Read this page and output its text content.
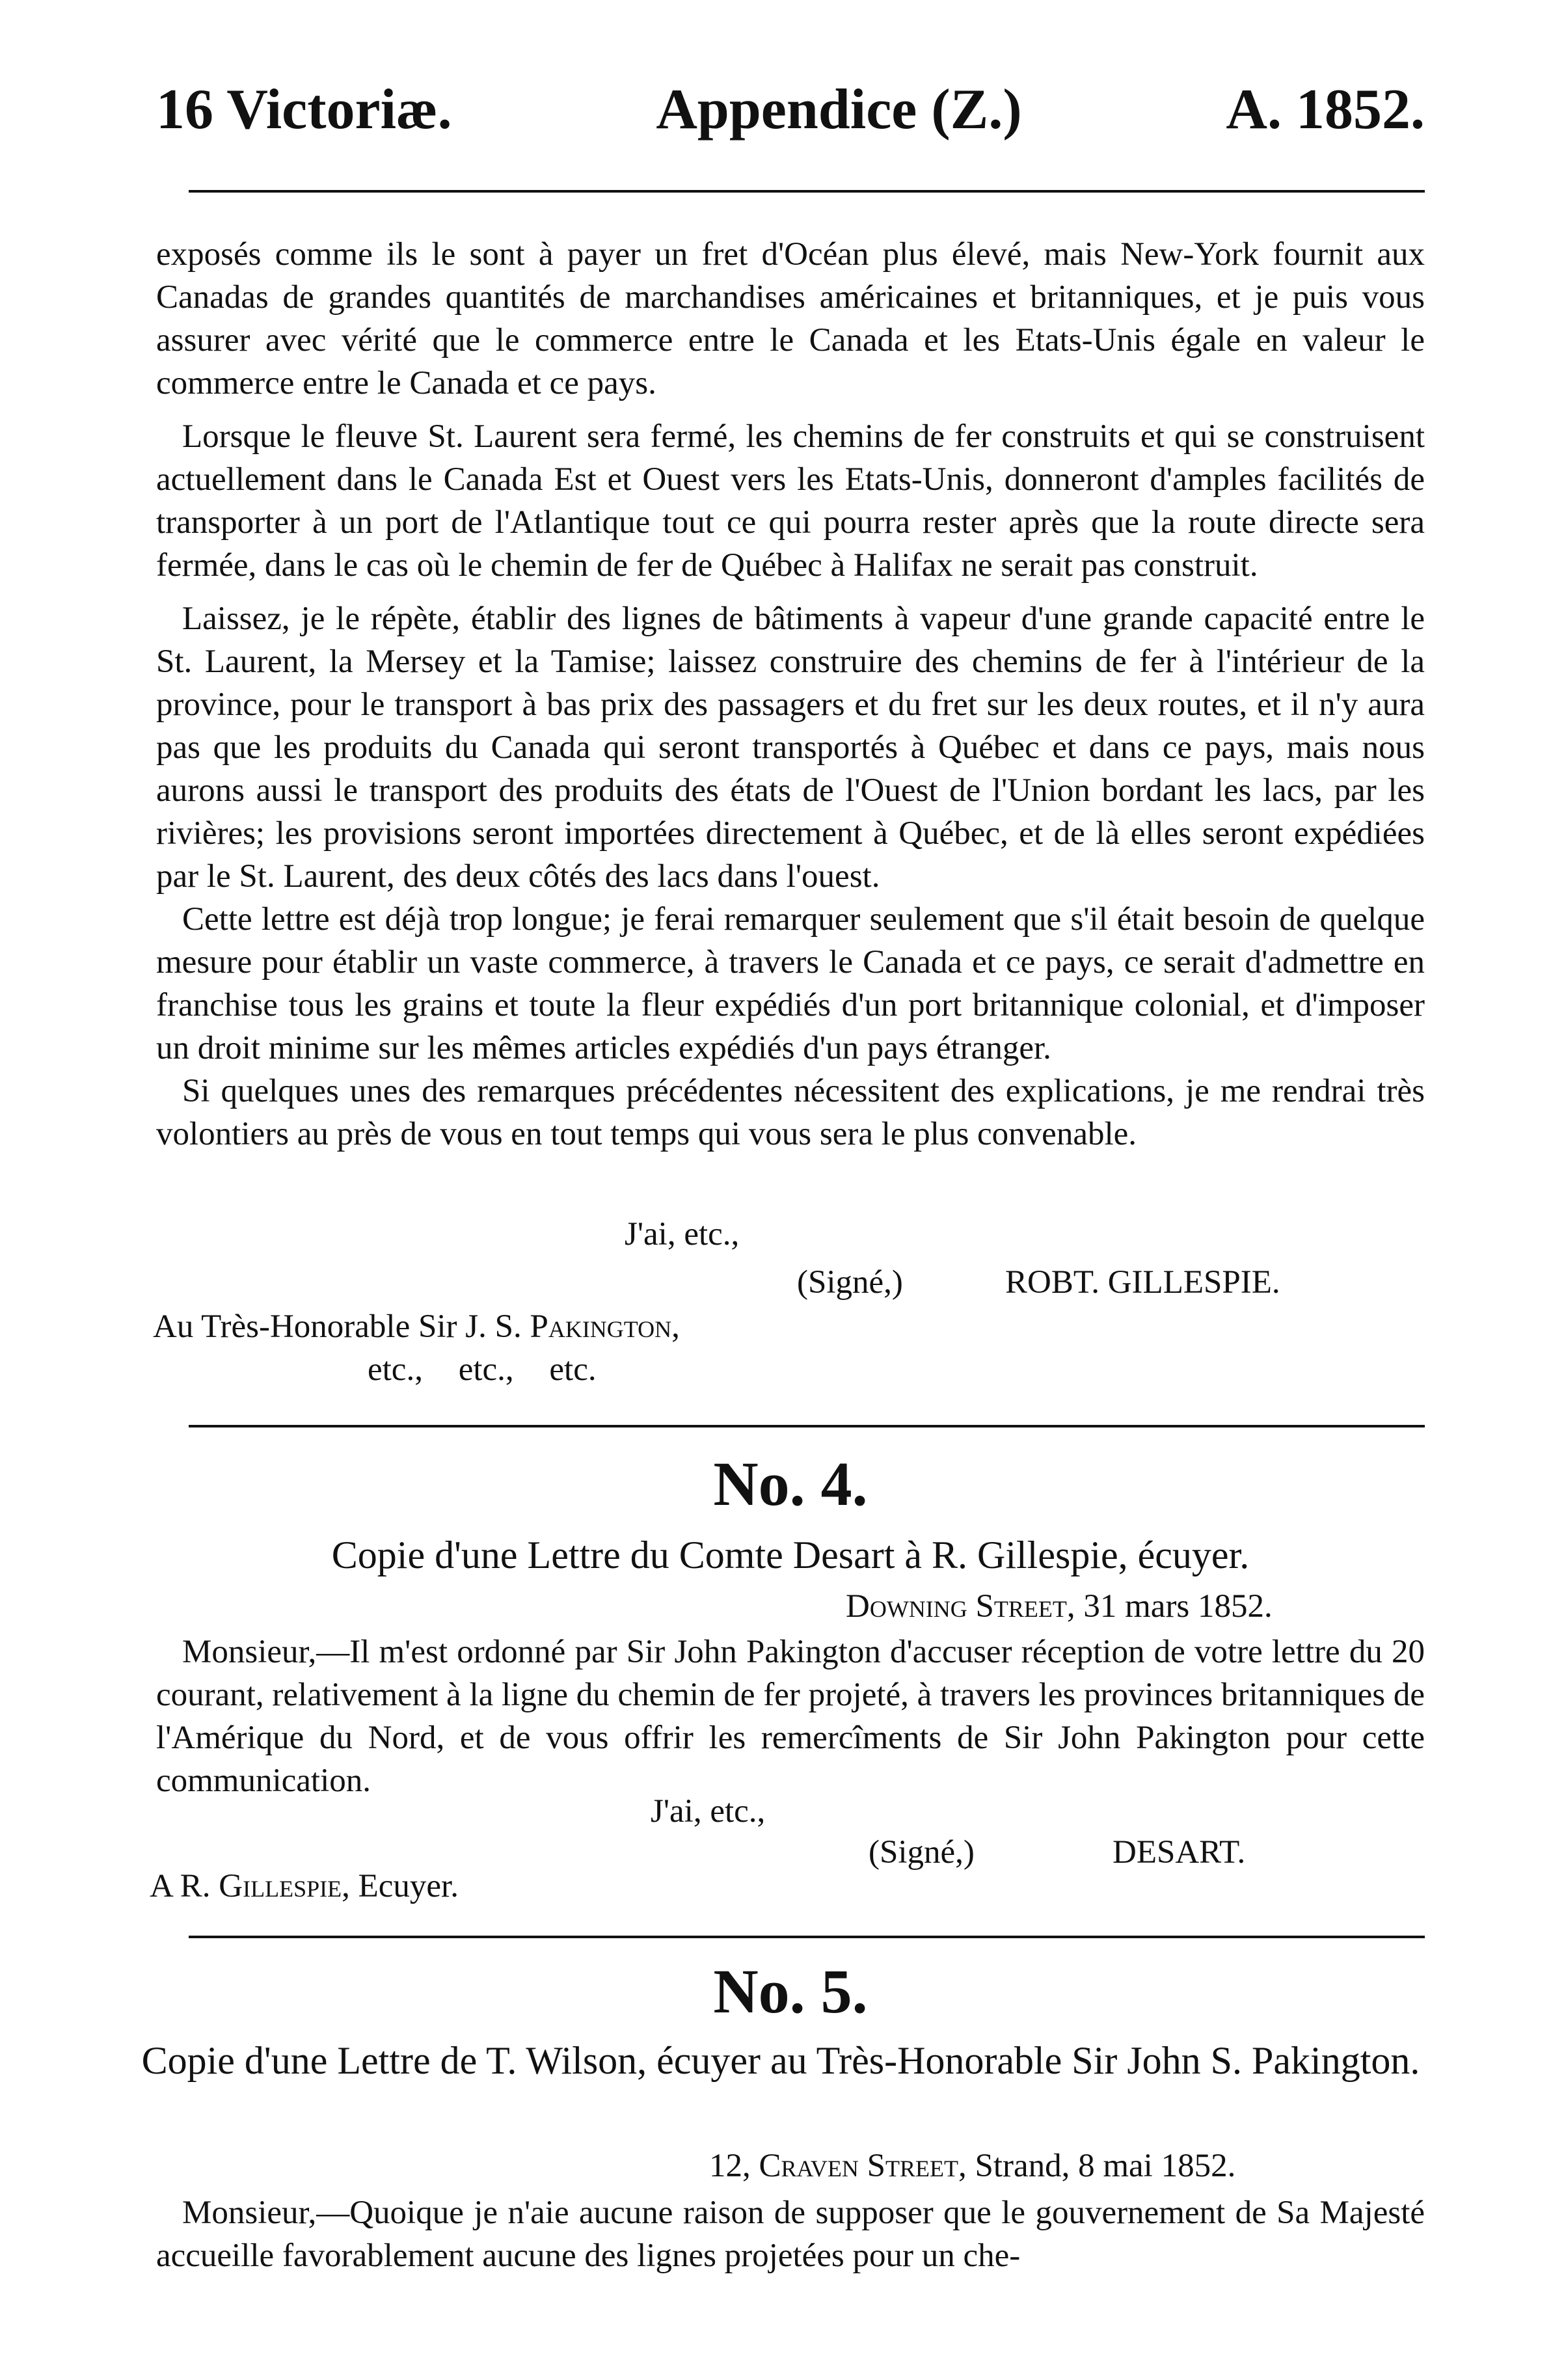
16 Victoriæ.	Appendice (Z.)	A. 1852.

exposés comme ils le sont à payer un fret d'Océan plus élevé, mais New-York fournit aux Canadas de grandes quantités de marchandises américaines et britanniques, et je puis vous assurer avec vérité que le commerce entre le Canada et les Etats-Unis égale en valeur le commerce entre le Canada et ce pays.

Lorsque le fleuve St. Laurent sera fermé, les chemins de fer construits et qui se construisent actuellement dans le Canada Est et Ouest vers les Etats-Unis, donneront d'amples facilités de transporter à un port de l'Atlantique tout ce qui pourra rester après que la route directe sera fermée, dans le cas où le chemin de fer de Québec à Halifax ne serait pas construit.

Laissez, je le répète, établir des lignes de bâtiments à vapeur d'une grande capacité entre le St. Laurent, la Mersey et la Tamise; laissez construire des chemins de fer à l'intérieur de la province, pour le transport à bas prix des passagers et du fret sur les deux routes, et il n'y aura pas que les produits du Canada qui seront transportés à Québec et dans ce pays, mais nous aurons aussi le transport des produits des états de l'Ouest de l'Union bordant les lacs, par les rivières; les provisions seront importées directement à Québec, et de là elles seront expédiées par le St. Laurent, des deux côtés des lacs dans l'ouest.

Cette lettre est déjà trop longue; je ferai remarquer seulement que s'il était besoin de quelque mesure pour établir un vaste commerce, à travers le Canada et ce pays, ce serait d'admettre en franchise tous les grains et toute la fleur expédiés d'un port britannique colonial, et d'imposer un droit minime sur les mêmes articles expédiés d'un pays étranger.

Si quelques unes des remarques précédentes nécessitent des explications, je me rendrai très volontiers au près de vous en tout temps qui vous sera le plus convenable.

J'ai, etc.,
(Signé,)	ROBT. GILLESPIE.
Au Très-Honorable Sir J. S. Pakington,
etc., etc., etc.
No. 4.
Copie d'une Lettre du Comte Desart à R. Gillespie, écuyer.
Downing Street, 31 mars 1852.

Monsieur,—Il m'est ordonné par Sir John Pakington d'accuser réception de votre lettre du 20 courant, relativement à la ligne du chemin de fer projeté, à travers les provinces britanniques de l'Amérique du Nord, et de vous offrir les remercîments de Sir John Pakington pour cette communication.

J'ai, etc.,
(Signé,)	DESART.
A R. Gillespie, Ecuyer.
No. 5.
Copie d'une Lettre de T. Wilson, écuyer au Très-Honorable Sir John S. Pakington.
12, Craven Street, Strand, 8 mai 1852.

Monsieur,—Quoique je n'aie aucune raison de supposer que le gouvernement de Sa Majesté accueille favorablement aucune des lignes projetées pour un che-
